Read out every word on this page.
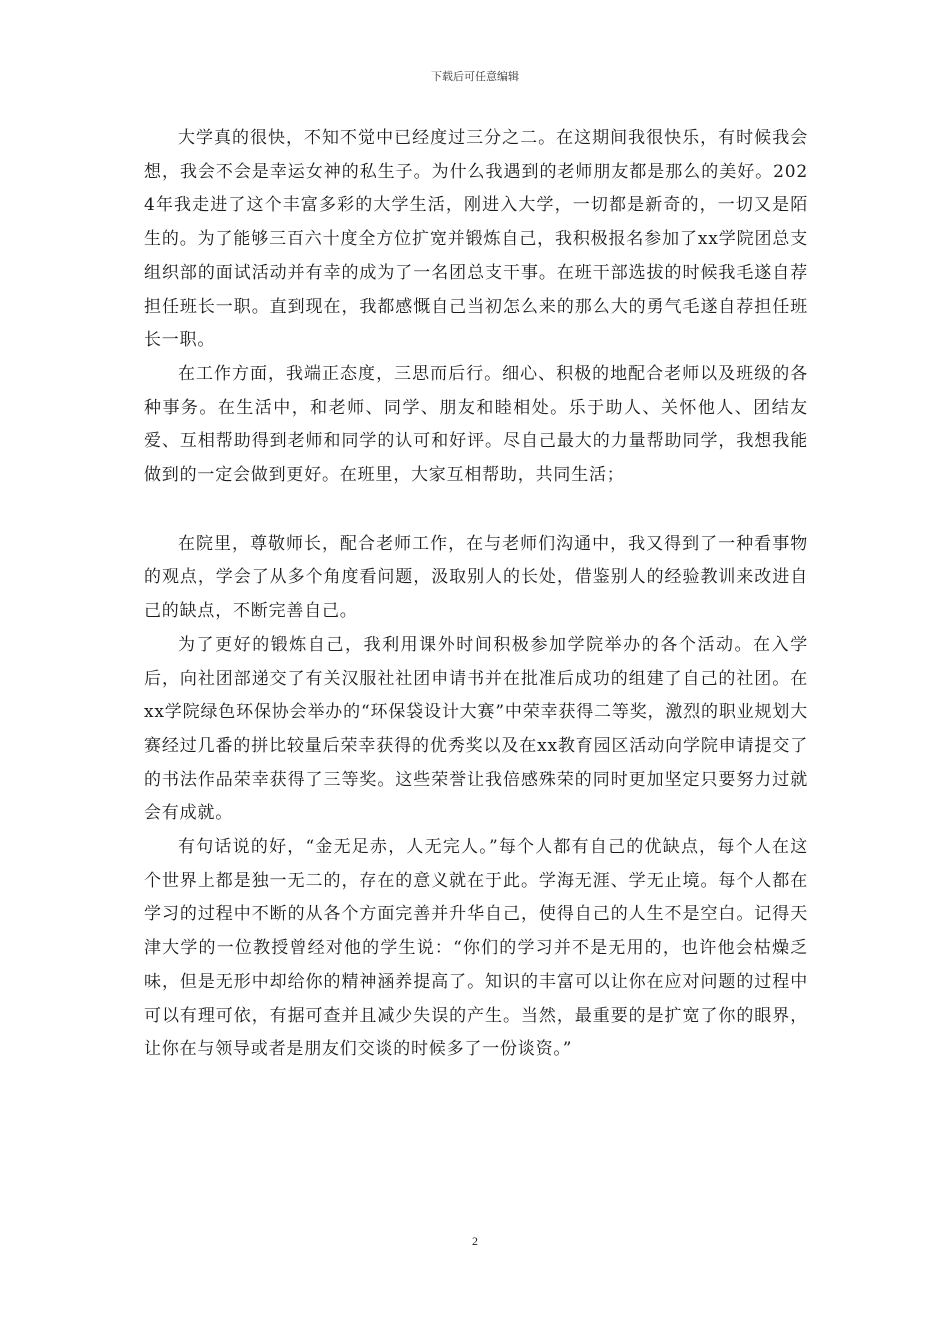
下载后可任意编辑

大学真的很快，不知不觉中已经度过三分之二。在这期间我很快乐，有时候我会想，我会不会是幸运女神的私生子。为什么我遇到的老师朋友都是那么的美好。2024年我走进了这个丰富多彩的大学生活，刚进入大学，一切都是新奇的，一切又是陌生的。为了能够三百六十度全方位扩宽并锻炼自己，我积极报名参加了xx学院团总支组织部的面试活动并有幸的成为了一名团总支干事。在班干部选拔的时候我毛遂自荐担任班长一职。直到现在，我都感慨自己当初怎么来的那么大的勇气毛遂自荐担任班长一职。

在工作方面，我端正态度，三思而后行。细心、积极的地配合老师以及班级的各种事务。在生活中，和老师、同学、朋友和睦相处。乐于助人、关怀他人、团结友爱、互相帮助得到老师和同学的认可和好评。尽自己最大的力量帮助同学，我想我能做到的一定会做到更好。在班里，大家互相帮助，共同生活；

在院里，尊敬师长，配合老师工作，在与老师们沟通中，我又得到了一种看事物的观点，学会了从多个角度看问题，汲取别人的长处，借鉴别人的经验教训来改进自己的缺点，不断完善自己。

为了更好的锻炼自己，我利用课外时间积极参加学院举办的各个活动。在入学后，向社团部递交了有关汉服社社团申请书并在批准后成功的组建了自己的社团。在xx学院绿色环保协会举办的“环保袋设计大赛”中荣幸获得二等奖，激烈的职业规划大赛经过几番的拼比较量后荣幸获得的优秀奖以及在xx教育园区活动向学院申请提交了的书法作品荣幸获得了三等奖。这些荣誉让我倍感殊荣的同时更加坚定只要努力过就会有成就。

有句话说的好，“金无足赤，人无完人。”每个人都有自己的优缺点，每个人在这个世界上都是独一无二的，存在的意义就在于此。学海无涯、学无止境。每个人都在学习的过程中不断的从各个方面完善并升华自己，使得自己的人生不是空白。记得天津大学的一位教授曾经对他的学生说：“你们的学习并不是无用的，也许他会枯燥乏味，但是无形中却给你的精神涵养提高了。知识的丰富可以让你在应对问题的过程中可以有理可依，有据可查并且减少失误的产生。当然，最重要的是扩宽了你的眼界，让你在与领导或者是朋友们交谈的时候多了一份谈资。”

2
